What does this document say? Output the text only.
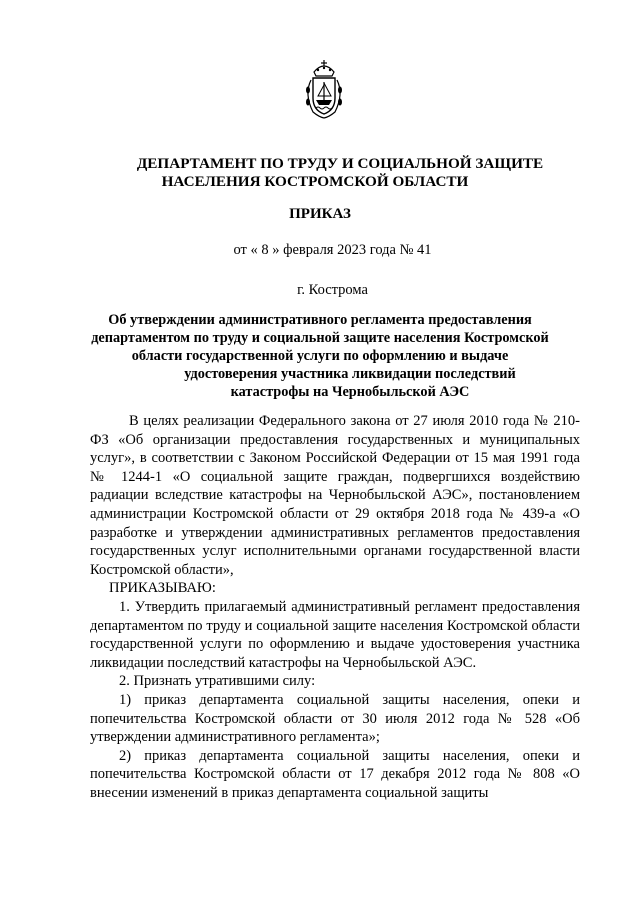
ДЕПАРТАМЕНТ ПО ТРУДУ И СОЦИАЛЬНОЙ ЗАЩИТЕ
НАСЕЛЕНИЯ КОСТРОМСКОЙ ОБЛАСТИ
ПРИКАЗ
от « 8 » февраля 2023 года № 41
г. Кострома
Об утверждении административного регламента предоставления
департаментом по труду и социальной защите населения Костромской
области государственной услуги по оформлению и выдаче
удостоверения участника ликвидации последствий
катастрофы на Чернобыльской АЭС

В целях реализации Федерального закона от 27 июля 2010 года № 210-ФЗ «Об организации предоставления государственных и муниципальных услуг», в соответствии с Законом Российской Федерации от 15 мая 1991 года № 1244-1 «О социальной защите граждан, подвергшихся воздействию радиации вследствие катастрофы на Чернобыльской АЭС», постановлением администрации Костромской области от 29 октября 2018 года № 439-а «О разработке и утверждении административных регламентов предоставления государственных услуг исполнительными органами государственной власти Костромской области»,

ПРИКАЗЫВАЮ:

1. Утвердить прилагаемый административный регламент предоставления департаментом по труду и социальной защите населения Костромской области государственной услуги по оформлению и выдаче удостоверения участника ликвидации последствий катастрофы на Чернобыльской АЭС.

2. Признать утратившими силу:

1) приказ департамента социальной защиты населения, опеки и попечительства Костромской области от 30 июля 2012 года № 528 «Об утверждении административного регламента»;

2) приказ департамента социальной защиты населения, опеки и попечительства Костромской области от 17 декабря 2012 года № 808 «О внесении изменений в приказ департамента социальной защиты
